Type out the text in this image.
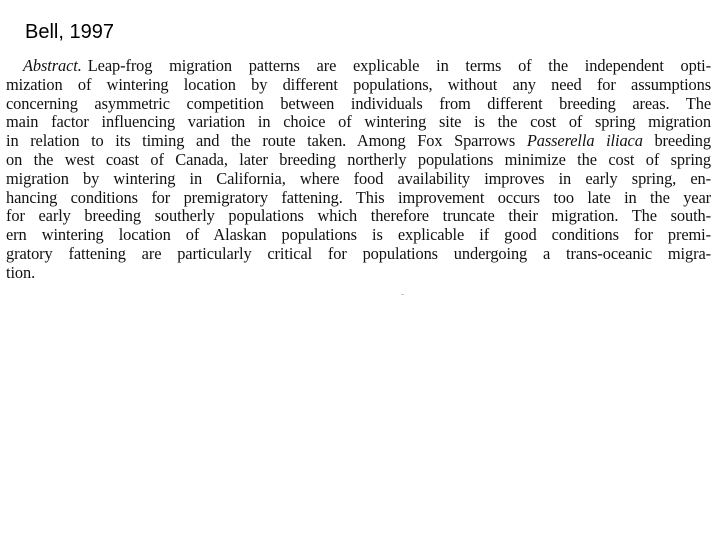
Bell, 1997
Abstract. Leap-frog migration patterns are explicable in terms of the independent opti-
mization of wintering location by different populations, without any need for assumptions
concerning asymmetric competition between individuals from different breeding areas. The
main factor influencing variation in choice of wintering site is the cost of spring migration
in relation to its timing and the route taken. Among Fox Sparrows Passerella iliaca breeding
on the west coast of Canada, later breeding northerly populations minimize the cost of spring
migration by wintering in California, where food availability improves in early spring, en-
hancing conditions for premigratory fattening. This improvement occurs too late in the year
for early breeding southerly populations which therefore truncate their migration. The south-
ern wintering location of Alaskan populations is explicable if good conditions for premi-
gratory fattening are particularly critical for populations undergoing a trans-oceanic migra-
tion.
